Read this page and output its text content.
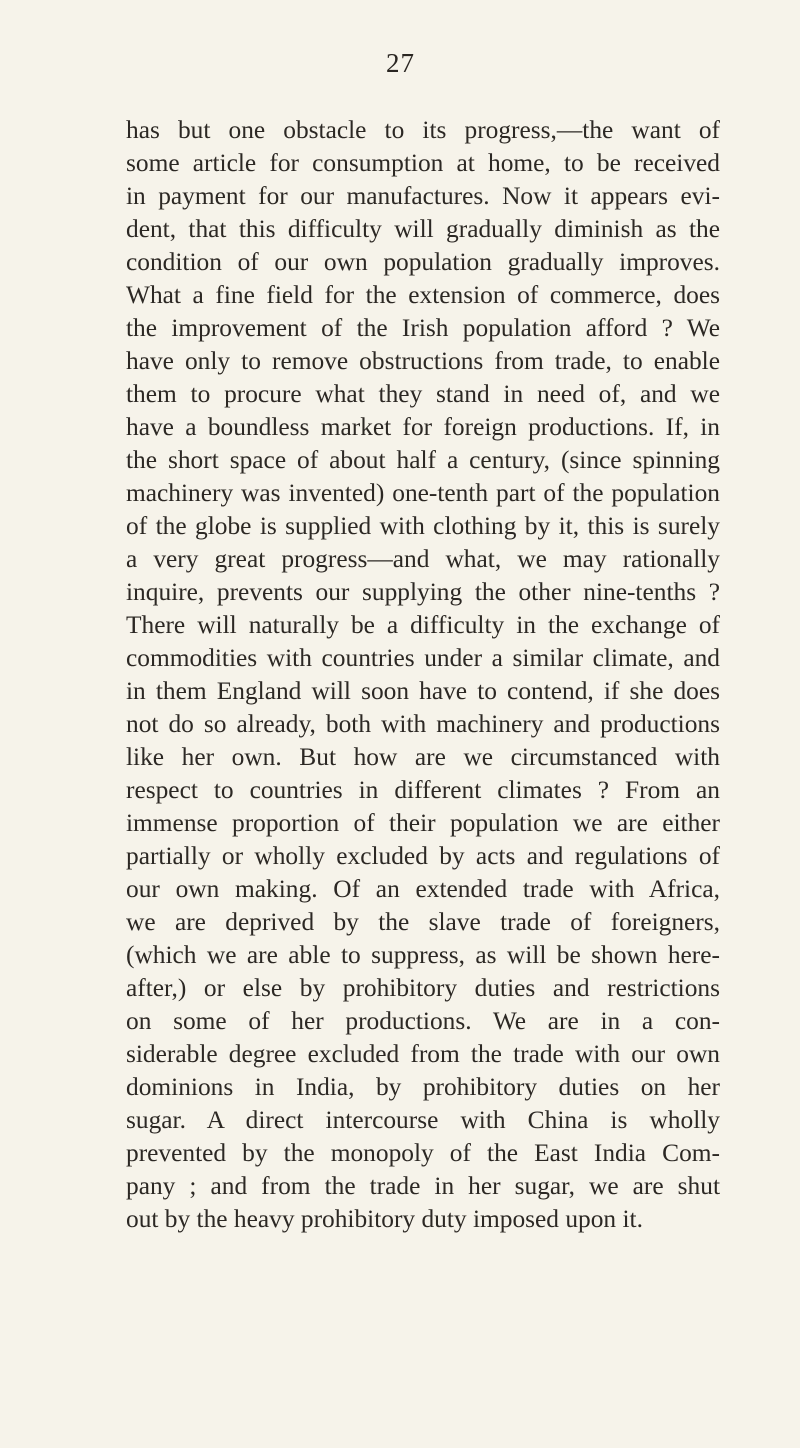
27
has but one obstacle to its progress,—the want of
some article for consumption at home, to be received
in payment for our manufactures. Now it appears evi-
dent, that this difficulty will gradually diminish as the
condition of our own population gradually improves.
What a fine field for the extension of commerce, does
the improvement of the Irish population afford ? We
have only to remove obstructions from trade, to enable
them to procure what they stand in need of, and we
have a boundless market for foreign productions. If, in
the short space of about half a century, (since spinning
machinery was invented) one-tenth part of the population
of the globe is supplied with clothing by it, this is surely
a very great progress—and what, we may rationally
inquire, prevents our supplying the other nine-tenths ?
There will naturally be a difficulty in the exchange of
commodities with countries under a similar climate, and
in them England will soon have to contend, if she does
not do so already, both with machinery and productions
like her own. But how are we circumstanced with
respect to countries in different climates ? From an
immense proportion of their population we are either
partially or wholly excluded by acts and regulations of
our own making. Of an extended trade with Africa,
we are deprived by the slave trade of foreigners,
(which we are able to suppress, as will be shown here-
after,) or else by prohibitory duties and restrictions
on some of her productions. We are in a con-
siderable degree excluded from the trade with our own
dominions in India, by prohibitory duties on her
sugar. A direct intercourse with China is wholly
prevented by the monopoly of the East India Com-
pany ; and from the trade in her sugar, we are shut
out by the heavy prohibitory duty imposed upon it.
